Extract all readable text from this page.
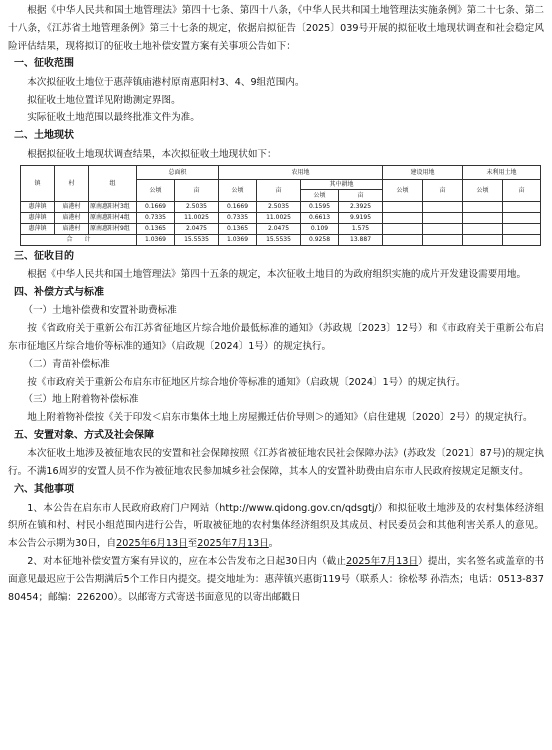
根据《中华人民共和国土地管理法》第四十七条、第四十八条，《中华人民共和国土地管理法实施条例》第二十七条、第二十八条，《江苏省土地管理条例》第三十七条的规定，依据启拟征告〔2025〕039号开展的拟征收土地现状调查和社会稳定风险评估结果，现将拟订的征收土地补偿安置方案有关事项公告如下：

一、征收范围

本次拟征收土地位于惠萍镇庙港村原南惠阳村3、4、9组范围内。

拟征收土地位置详见附勘测定界图。

实际征收土地范围以最终批准文件为准。

二、土地现状

根据拟征收土地现状调查结果，本次拟征收土地现状如下：

镇	村	组	总面积		农用地				建设用地		未利用土地	
			公顷	亩	公顷	亩	其中耕地		公顷	亩	公顷	亩
							公顷	亩				
惠萍镇	庙港村	原南惠阳村3组	0.1669	2.5035	0.1669	2.5035	0.1595	2.3925				
惠萍镇	庙港村	原南惠阳村4组	0.7335	11.0025	0.7335	11.0025	0.6613	9.9195				
惠萍镇	庙港村	原南惠阳村9组	0.1365	2.0475	0.1365	2.0475	0.109	1.575				
合　　计			1.0369	15.5535	1.0369	15.5535	0.9258	13.887				

三、征收目的

根据《中华人民共和国土地管理法》第四十五条的规定，本次征收土地目的为政府组织实施的成片开发建设需要用地。

四、补偿方式与标准

（一）土地补偿费和安置补助费标准

按《省政府关于重新公布江苏省征地区片综合地价最低标准的通知》（苏政规〔2023〕12号）和《市政府关于重新公布启东市征地区片综合地价等标准的通知》（启政规〔2024〕1号）的规定执行。

（二）青苗补偿标准

按《市政府关于重新公布启东市征地区片综合地价等标准的通知》（启政规〔2024〕1号）的规定执行。

（三）地上附着物补偿标准

地上附着物补偿按《关于印发＜启东市集体土地上房屋搬迁估价导则＞的通知》（启住建规〔2020〕2号）的规定执行。

五、安置对象、方式及社会保障

本次征收土地涉及被征地农民的安置和社会保障按照《江苏省被征地农民社会保障办法》(苏政发〔2021〕87号)的规定执行。不满16周岁的安置人员不作为被征地农民参加城乡社会保障，其本人的安置补助费由启东市人民政府按规定足额支付。

六、其他事项

1、本公告在启东市人民政府政府门户网站（http://www.qidong.gov.cn/qdsgtj/）和拟征收土地涉及的农村集体经济组织所在镇和村、村民小组范围内进行公告，听取被征地的农村集体经济组织及其成员、村民委员会和其他利害关系人的意见。本公告公示期为30日，自2025年6月13日至2025年7月13日。

2、对本征地补偿安置方案有异议的，应在本公告发布之日起30日内（截止2025年7月13日）提出，实名签名或盖章的书面意见最迟应于公告期满后5个工作日内提交。提交地址为：惠萍镇兴惠街119号（联系人：徐松琴 孙浩杰；电话：0513-83780454；邮编：226200）。以邮寄方式寄送书面意见的以寄出邮戳日
